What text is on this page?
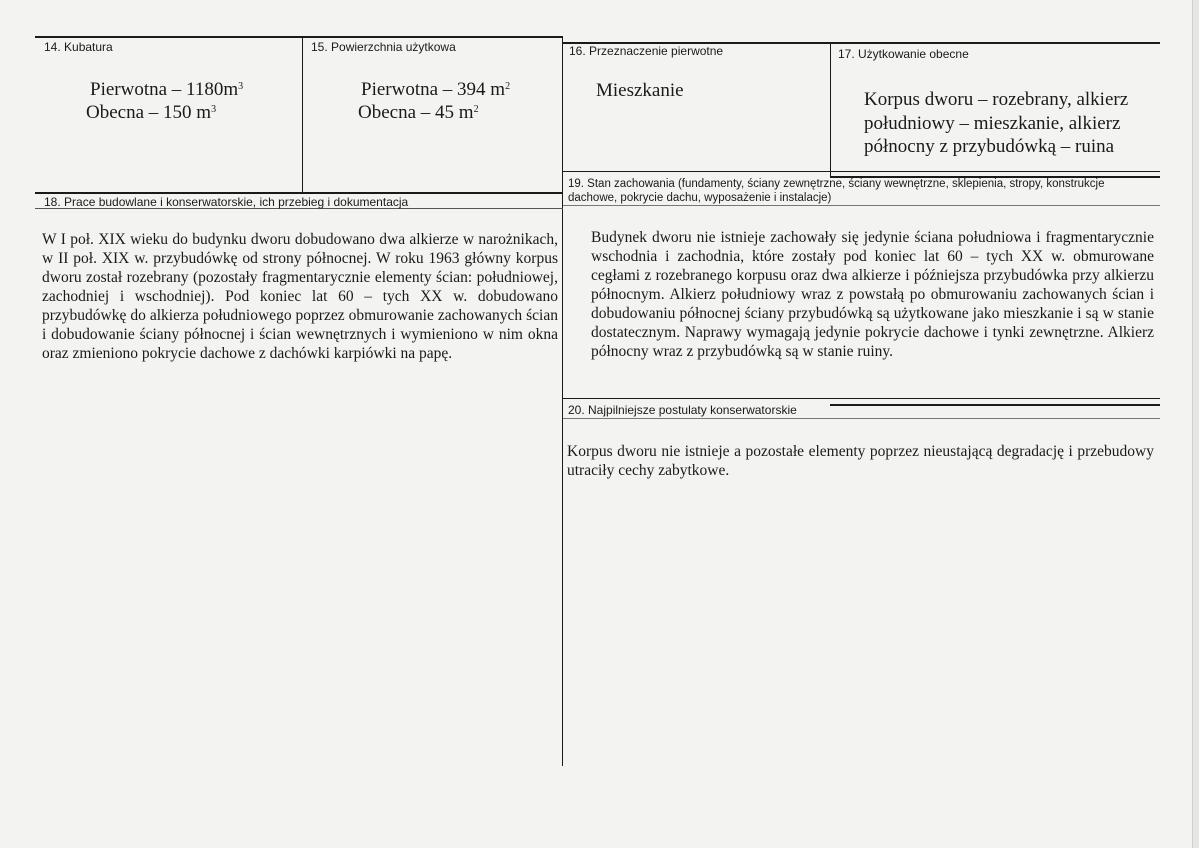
14. Kubatura
Pierwotna – $1180m^3$
Obecna – 150 $m^3$
15. Powierzchnia użytkowa
Pierwotna – 394 $m^2$
Obecna – 45 $m^2$
16. Przeznaczenie pierwotne
Mieszkanie
17. Użytkowanie obecne
Korpus dworu – rozebrany, alkierz południowy – mieszkanie, alkierz północny z przybudówką – ruina
18. Prace budowlane i konserwatorskie, ich przebieg i dokumentacja
W I poł. XIX wieku do budynku dworu dobudowano dwa alkierze w narożnikach, w II poł. XIX w. przybudówkę od strony północnej. W roku 1963 główny korpus dworu został rozebrany (pozostały fragmentarycznie elementy ścian: południowej, zachodniej i wschodniej). Pod koniec lat 60 – tych XX w. dobudowano przybudówkę do alkierza południowego poprzez obmurowanie zachowanych ścian i dobudowanie ściany północnej i ścian wewnętrznych i wymieniono w nim okna oraz zmieniono pokrycie dachowe z dachówki karpiówki na papę.
19. Stan zachowania (fundamenty, ściany zewnętrzne, ściany wewnętrzne, sklepienia, stropy, konstrukcje dachowe, pokrycie dachu, wyposażenie i instalacje)
Budynek dworu nie istnieje zachowały się jedynie ściana południowa i fragmentarycznie wschodnia i zachodnia, które zostały pod koniec lat 60 – tych XX w. obmurowane cegłami z rozebranego korpusu oraz dwa alkierze i późniejsza przybudówka przy alkierzu północnym. Alkierz południowy wraz z powstałą po obmurowaniu zachowanych ścian i dobudowaniu północnej ściany przybudówką są użytkowane jako mieszkanie i są w stanie dostatecznym. Naprawy wymagają jedynie pokrycie dachowe i tynki zewnętrzne. Alkierz północny wraz z przybudówką są w stanie ruiny.
20. Najpilniejsze postulaty konserwatorskie
Korpus dworu nie istnieje a pozostałe elementy poprzez nieustającą degradację i przebudowy utraciły cechy zabytkowe.
